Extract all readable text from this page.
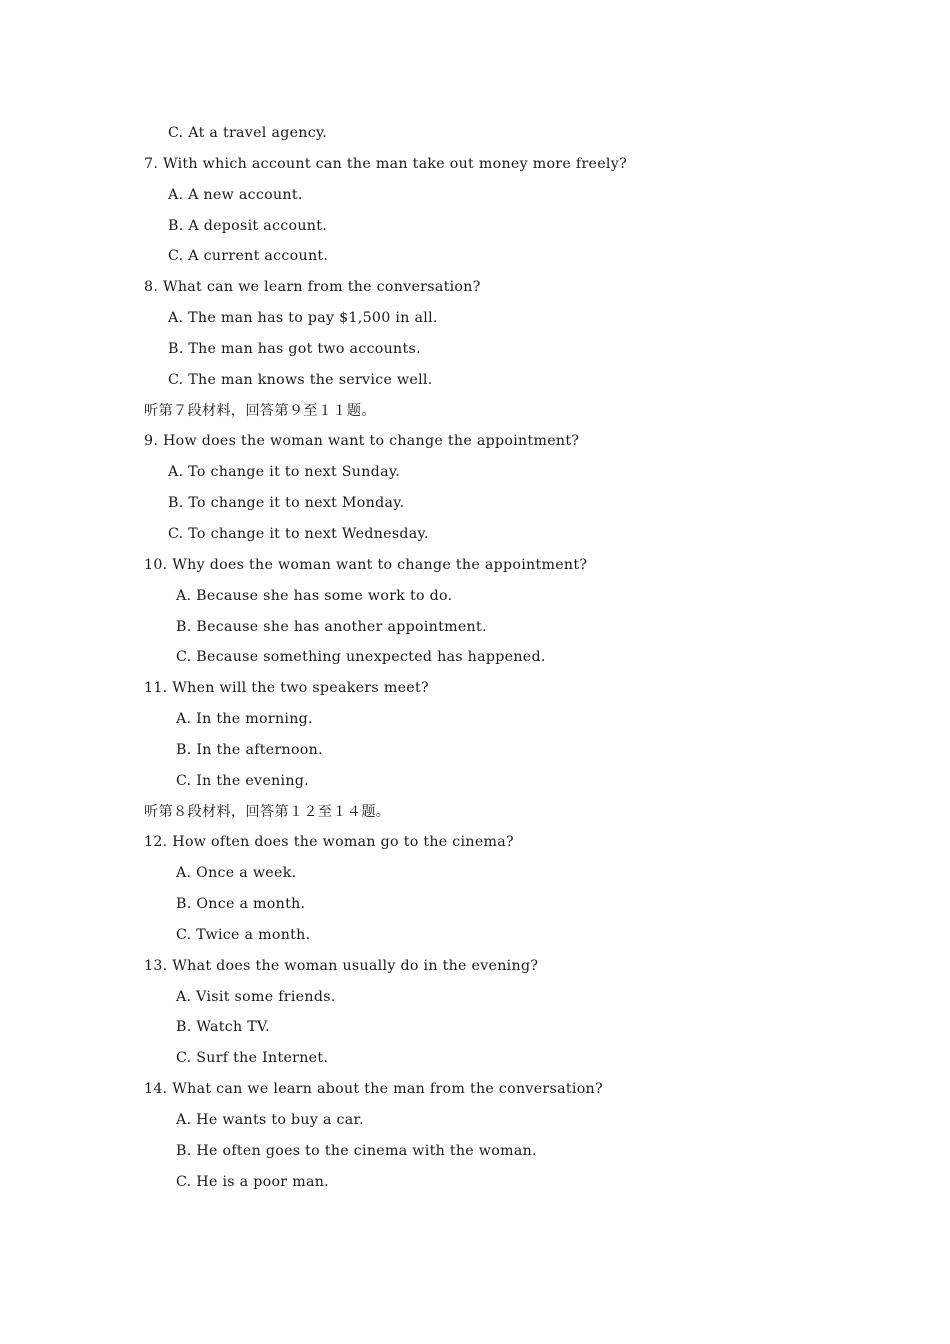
C. At a travel agency.
7. With which account can the man take out money more freely?
A. A new account.
B. A deposit account.
C. A current account.
8. What can we learn from the conversation?
A. The man has to pay $1,500 in all.
B. The man has got two accounts.
C. The man knows the service well.
听第７段材料，回答第９至１１题。
9. How does the woman want to change the appointment?
A. To change it to next Sunday.
B. To change it to next Monday.
C. To change it to next Wednesday.
10. Why does the woman want to change the appointment?
A. Because she has some work to do.
B. Because she has another appointment.
C. Because something unexpected has happened.
11. When will the two speakers meet?
A. In the morning.
B. In the afternoon.
C. In the evening.
听第８段材料，回答第１２至１４题。
12. How often does the woman go to the cinema?
A. Once a week.
B. Once a month.
C. Twice a month.
13. What does the woman usually do in the evening?
A. Visit some friends.
B. Watch TV.
C. Surf the Internet.
14. What can we learn about the man from the conversation?
A. He wants to buy a car.
B. He often goes to the cinema with the woman.
C. He is a poor man.
